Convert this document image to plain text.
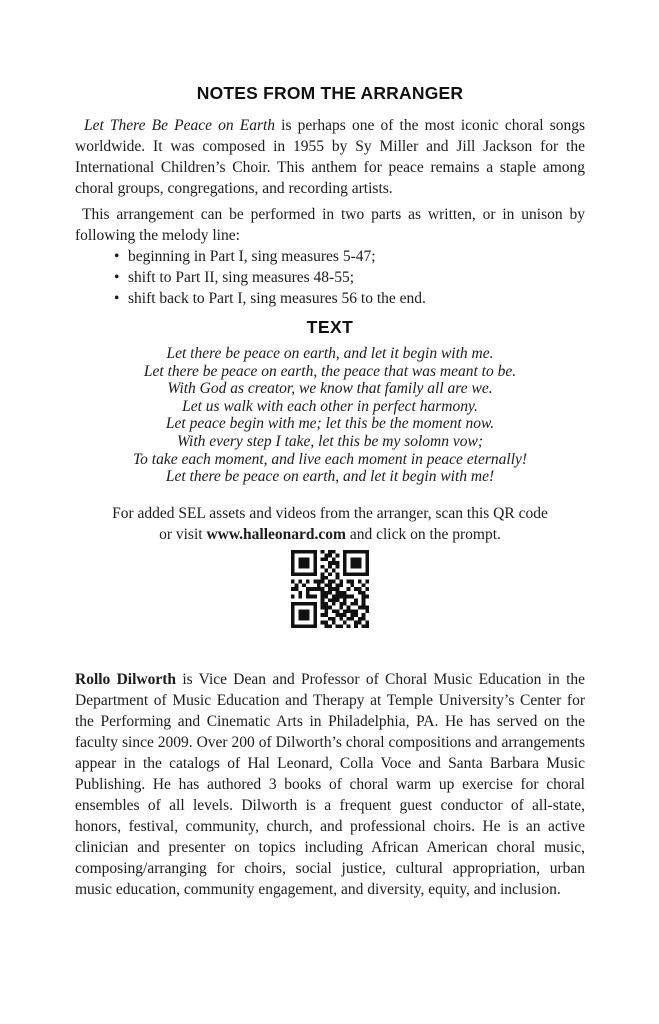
NOTES FROM THE ARRANGER

Let There Be Peace on Earth is perhaps one of the most iconic choral songs worldwide. It was composed in 1955 by Sy Miller and Jill Jackson for the International Children’s Choir. This anthem for peace remains a staple among choral groups, congregations, and recording artists.

This arrangement can be performed in two parts as written, or in unison by following the melody line:

• beginning in Part I, sing measures 5-47;
• shift to Part II, sing measures 48-55;
• shift back to Part I, sing measures 56 to the end.
TEXT
Let there be peace on earth, and let it begin with me.
Let there be peace on earth, the peace that was meant to be.
With God as creator, we know that family all are we.
Let us walk with each other in perfect harmony.
Let peace begin with me; let this be the moment now.
With every step I take, let this be my solomn vow;
To take each moment, and live each moment in peace eternally!
Let there be peace on earth, and let it begin with me!
For added SEL assets and videos from the arranger, scan this QR code
or visit www.halleonard.com and click on the prompt.

Rollo Dilworth is Vice Dean and Professor of Choral Music Education in the Department of Music Education and Therapy at Temple University’s Center for the Performing and Cinematic Arts in Philadelphia, PA. He has served on the faculty since 2009. Over 200 of Dilworth’s choral compositions and arrangements appear in the catalogs of Hal Leonard, Colla Voce and Santa Barbara Music Publishing. He has authored 3 books of choral warm up exercise for choral ensembles of all levels. Dilworth is a frequent guest conductor of all-state, honors, festival, community, church, and professional choirs. He is an active clinician and presenter on topics including African American choral music, composing/arranging for choirs, social justice, cultural appropriation, urban music education, community engagement, and diversity, equity, and inclusion.
